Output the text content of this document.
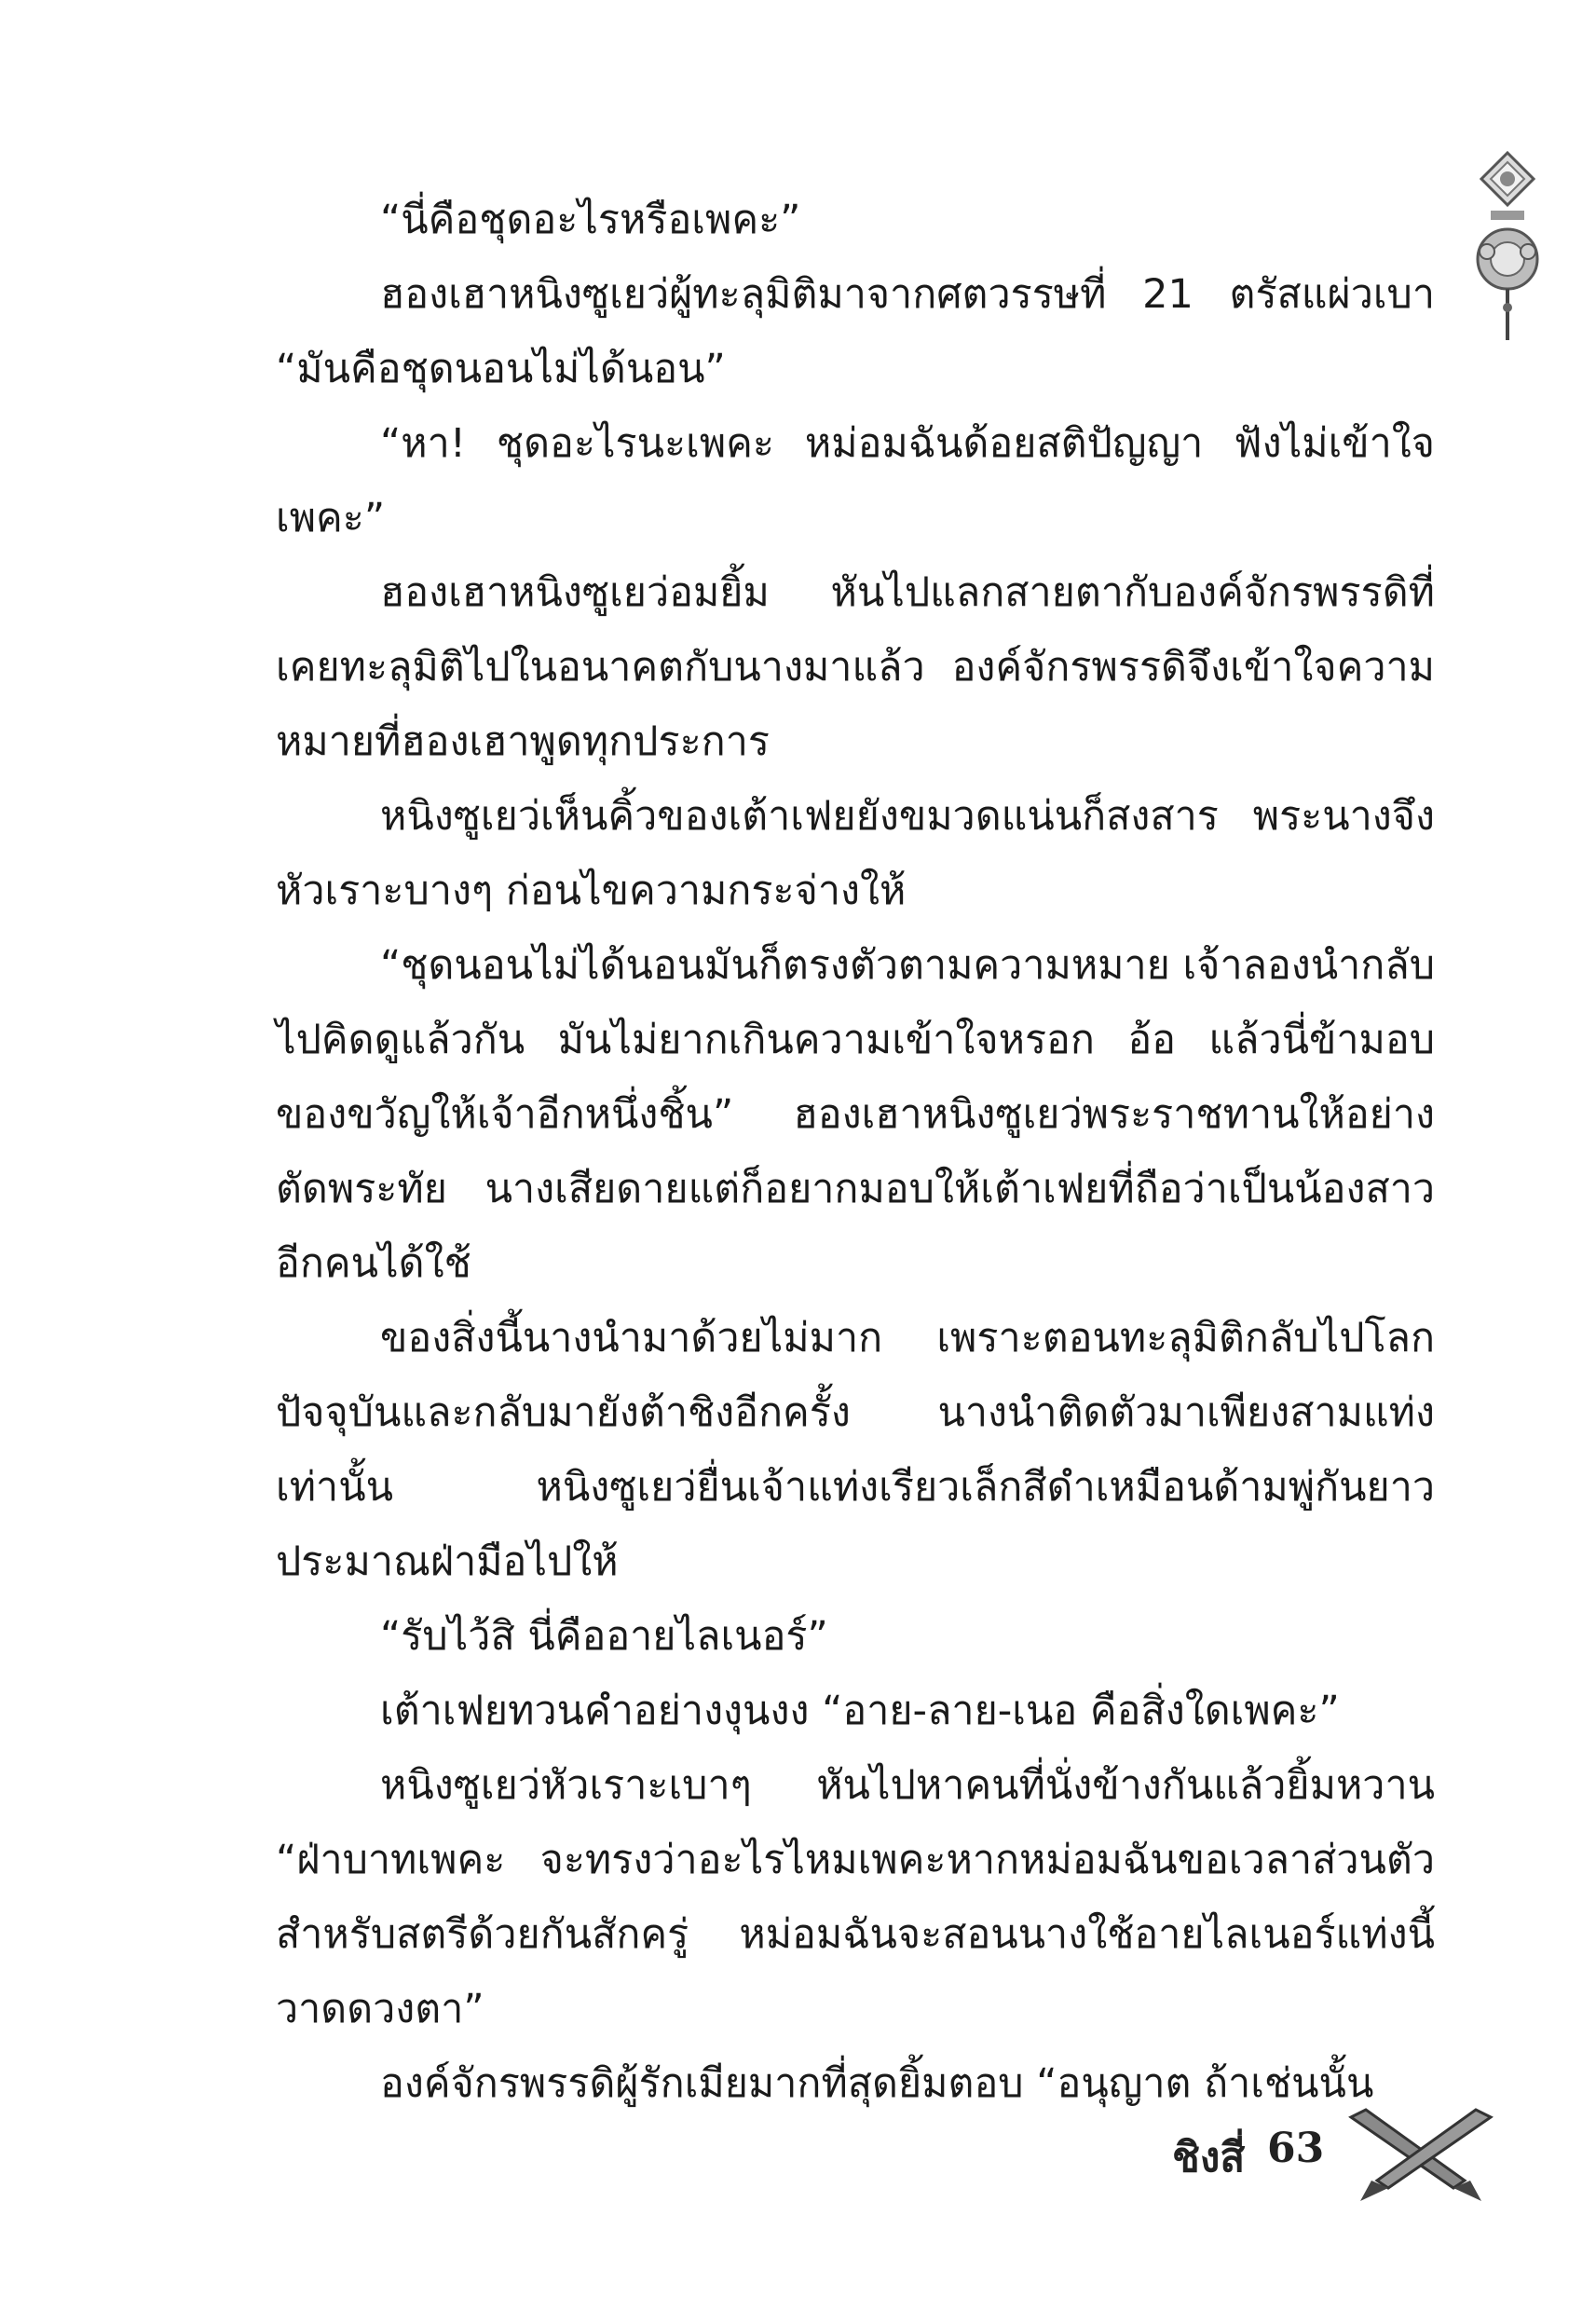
“นี่คือชุดอะไรหรือเพคะ”

ฮองเฮาหนิงซูเยว่ผู้ทะลุมิติมาจากศตวรรษที่ 21 ตรัสแผ่วเบา “มันคือชุดนอนไม่ได้นอน”

“หา! ชุดอะไรนะเพคะ หม่อมฉันด้อยสติปัญญา ฟังไม่เข้าใจเพคะ”

ฮองเฮาหนิงซูเยว่อมยิ้ม หันไปแลกสายตากับองค์จักรพรรดิที่เคยทะลุมิติไปในอนาคตกับนางมาแล้ว องค์จักรพรรดิจึงเข้าใจความหมายที่ฮองเฮาพูดทุกประการ

หนิงซูเยว่เห็นคิ้วของเต้าเฟยยังขมวดแน่นก็สงสาร พระนางจึงหัวเราะบางๆ ก่อนไขความกระจ่างให้

“ชุดนอนไม่ได้นอนมันก็ตรงตัวตามความหมาย เจ้าลองนำกลับไปคิดดูแล้วกัน มันไม่ยากเกินความเข้าใจหรอก อ้อ แล้วนี่ข้ามอบของขวัญให้เจ้าอีกหนึ่งชิ้น” ฮองเฮาหนิงซูเยว่พระราชทานให้อย่างตัดพระทัย นางเสียดายแต่ก็อยากมอบให้เต้าเฟยที่ถือว่าเป็นน้องสาวอีกคนได้ใช้

ของสิ่งนี้นางนำมาด้วยไม่มาก เพราะตอนทะลุมิติกลับไปโลกปัจจุบันและกลับมายังต้าชิงอีกครั้ง นางนำติดตัวมาเพียงสามแท่งเท่านั้น หนิงซูเยว่ยื่นเจ้าแท่งเรียวเล็กสีดำเหมือนด้ามพู่กันยาวประมาณฝ่ามือไปให้

“รับไว้สิ นี่คืออายไลเนอร์”

เต้าเฟยทวนคำอย่างงุนงง “อาย-ลาย-เนอ คือสิ่งใดเพคะ”

หนิงซูเยว่หัวเราะเบาๆ หันไปหาคนที่นั่งข้างกันแล้วยิ้มหวาน “ฝ่าบาทเพคะ จะทรงว่าอะไรไหมเพคะหากหม่อมฉันขอเวลาส่วนตัวสำหรับสตรีด้วยกันสักครู่ หม่อมฉันจะสอนนางใช้อายไลเนอร์แท่งนี้วาดดวงตา”

องค์จักรพรรดิผู้รักเมียมากที่สุดยิ้มตอบ “อนุญาต ถ้าเช่นนั้น

ชิงสี่ 63
